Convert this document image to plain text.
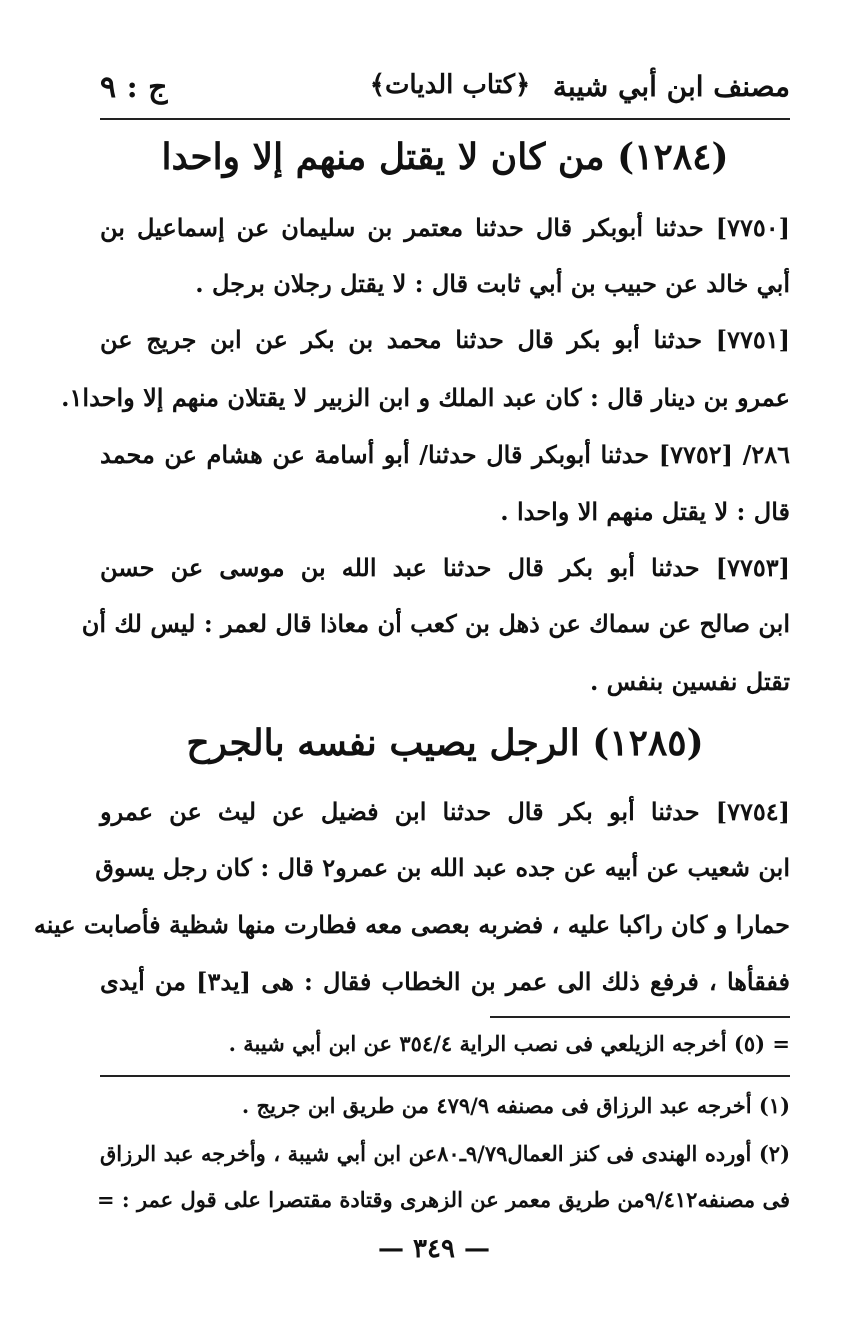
مصنف ابن أبي شيبة
﴿كتاب الديات﴾
ج : ٩
(١٢٨٤) من كان لا يقتل منهم إلا واحدا
[٧٧٥٠] حدثنا أبوبكر قال حدثنا معتمر بن سليمان عن إسماعيل بن
أبي خالد عن حبيب بن أبي ثابت قال : لا يقتل رجلان برجل .
[٧٧٥١] حدثنا أبو بكر قال حدثنا محمد بن بكر عن ابن جريج عن
عمرو بن دينار قال : كان عبد الملك و ابن الزبير لا يقتلان منهم إلا واحدا١.
٢٨٦/ [٧٧٥٢] حدثنا أبوبكر قال حدثنا/ أبو أسامة عن هشام عن محمد
قال : لا يقتل منهم الا واحدا .
[٧٧٥٣] حدثنا أبو بكر قال حدثنا عبد الله بن موسى عن حسن
ابن صالح عن سماك عن ذهل بن كعب أن معاذا قال لعمر : ليس لك أن
تقتل نفسين بنفس .
(١٢٨٥) الرجل يصيب نفسه بالجرح
[٧٧٥٤] حدثنا أبو بكر قال حدثنا ابن فضيل عن ليث عن عمرو
ابن شعيب عن أبيه عن جده عبد الله بن عمرو٢ قال : كان رجل يسوق
حمارا و كان راكبا عليه ، فضربه بعصى معه فطارت منها شظية فأصابت عينه
ففقأها ، فرفع ذلك الى عمر بن الخطاب فقال : هى [يد٣] من أيدى
= (٥) أخرجه الزيلعي فى نصب الراية ٣٥٤/٤ عن ابن أبي شيبة .
(١) أخرجه عبد الرزاق فى مصنفه ٤٧٩/٩ من طريق ابن جريج .
(٢) أورده الهندى فى كنز العمال٩/٧٩ـ٨٠عن ابن أبي شيبة ، وأخرجه عبد الرزاق
فى مصنفه٩/٤١٢من طريق معمر عن الزهرى وقتادة مقتصرا على قول عمر : =
— ٣٤٩ —
